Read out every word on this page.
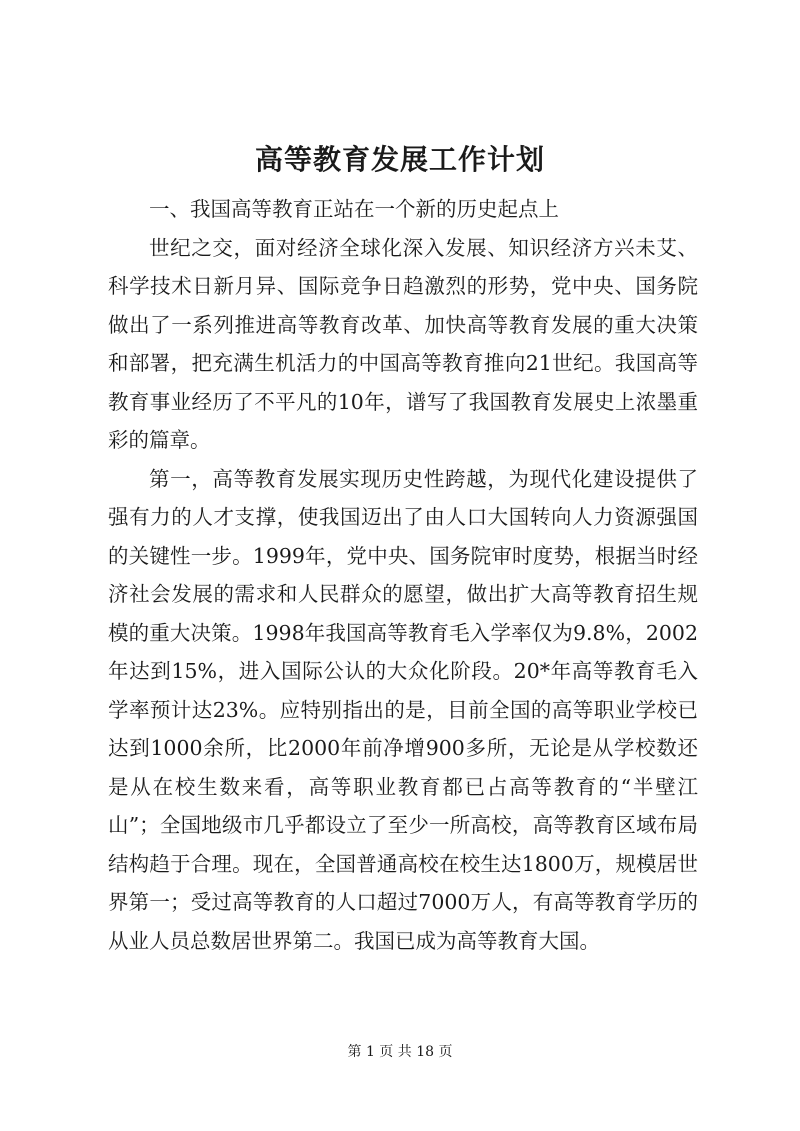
高等教育发展工作计划

一、我国高等教育正站在一个新的历史起点上

世纪之交，面对经济全球化深入发展、知识经济方兴未艾、科学技术日新月异、国际竞争日趋激烈的形势，党中央、国务院做出了一系列推进高等教育改革、加快高等教育发展的重大决策和部署，把充满生机活力的中国高等教育推向21世纪。我国高等教育事业经历了不平凡的10年，谱写了我国教育发展史上浓墨重彩的篇章。

第一，高等教育发展实现历史性跨越，为现代化建设提供了强有力的人才支撑，使我国迈出了由人口大国转向人力资源强国的关键性一步。1999年，党中央、国务院审时度势，根据当时经济社会发展的需求和人民群众的愿望，做出扩大高等教育招生规模的重大决策。1998年我国高等教育毛入学率仅为9.8%，2002年达到15%，进入国际公认的大众化阶段。20*年高等教育毛入学率预计达23%。应特别指出的是，目前全国的高等职业学校已达到1000余所，比2000年前净增900多所，无论是从学校数还是从在校生数来看，高等职业教育都已占高等教育的“半壁江山”；全国地级市几乎都设立了至少一所高校，高等教育区域布局结构趋于合理。现在，全国普通高校在校生达1800万，规模居世界第一；受过高等教育的人口超过7000万人，有高等教育学历的从业人员总数居世界第二。我国已成为高等教育大国。

第 1 页 共 18 页
